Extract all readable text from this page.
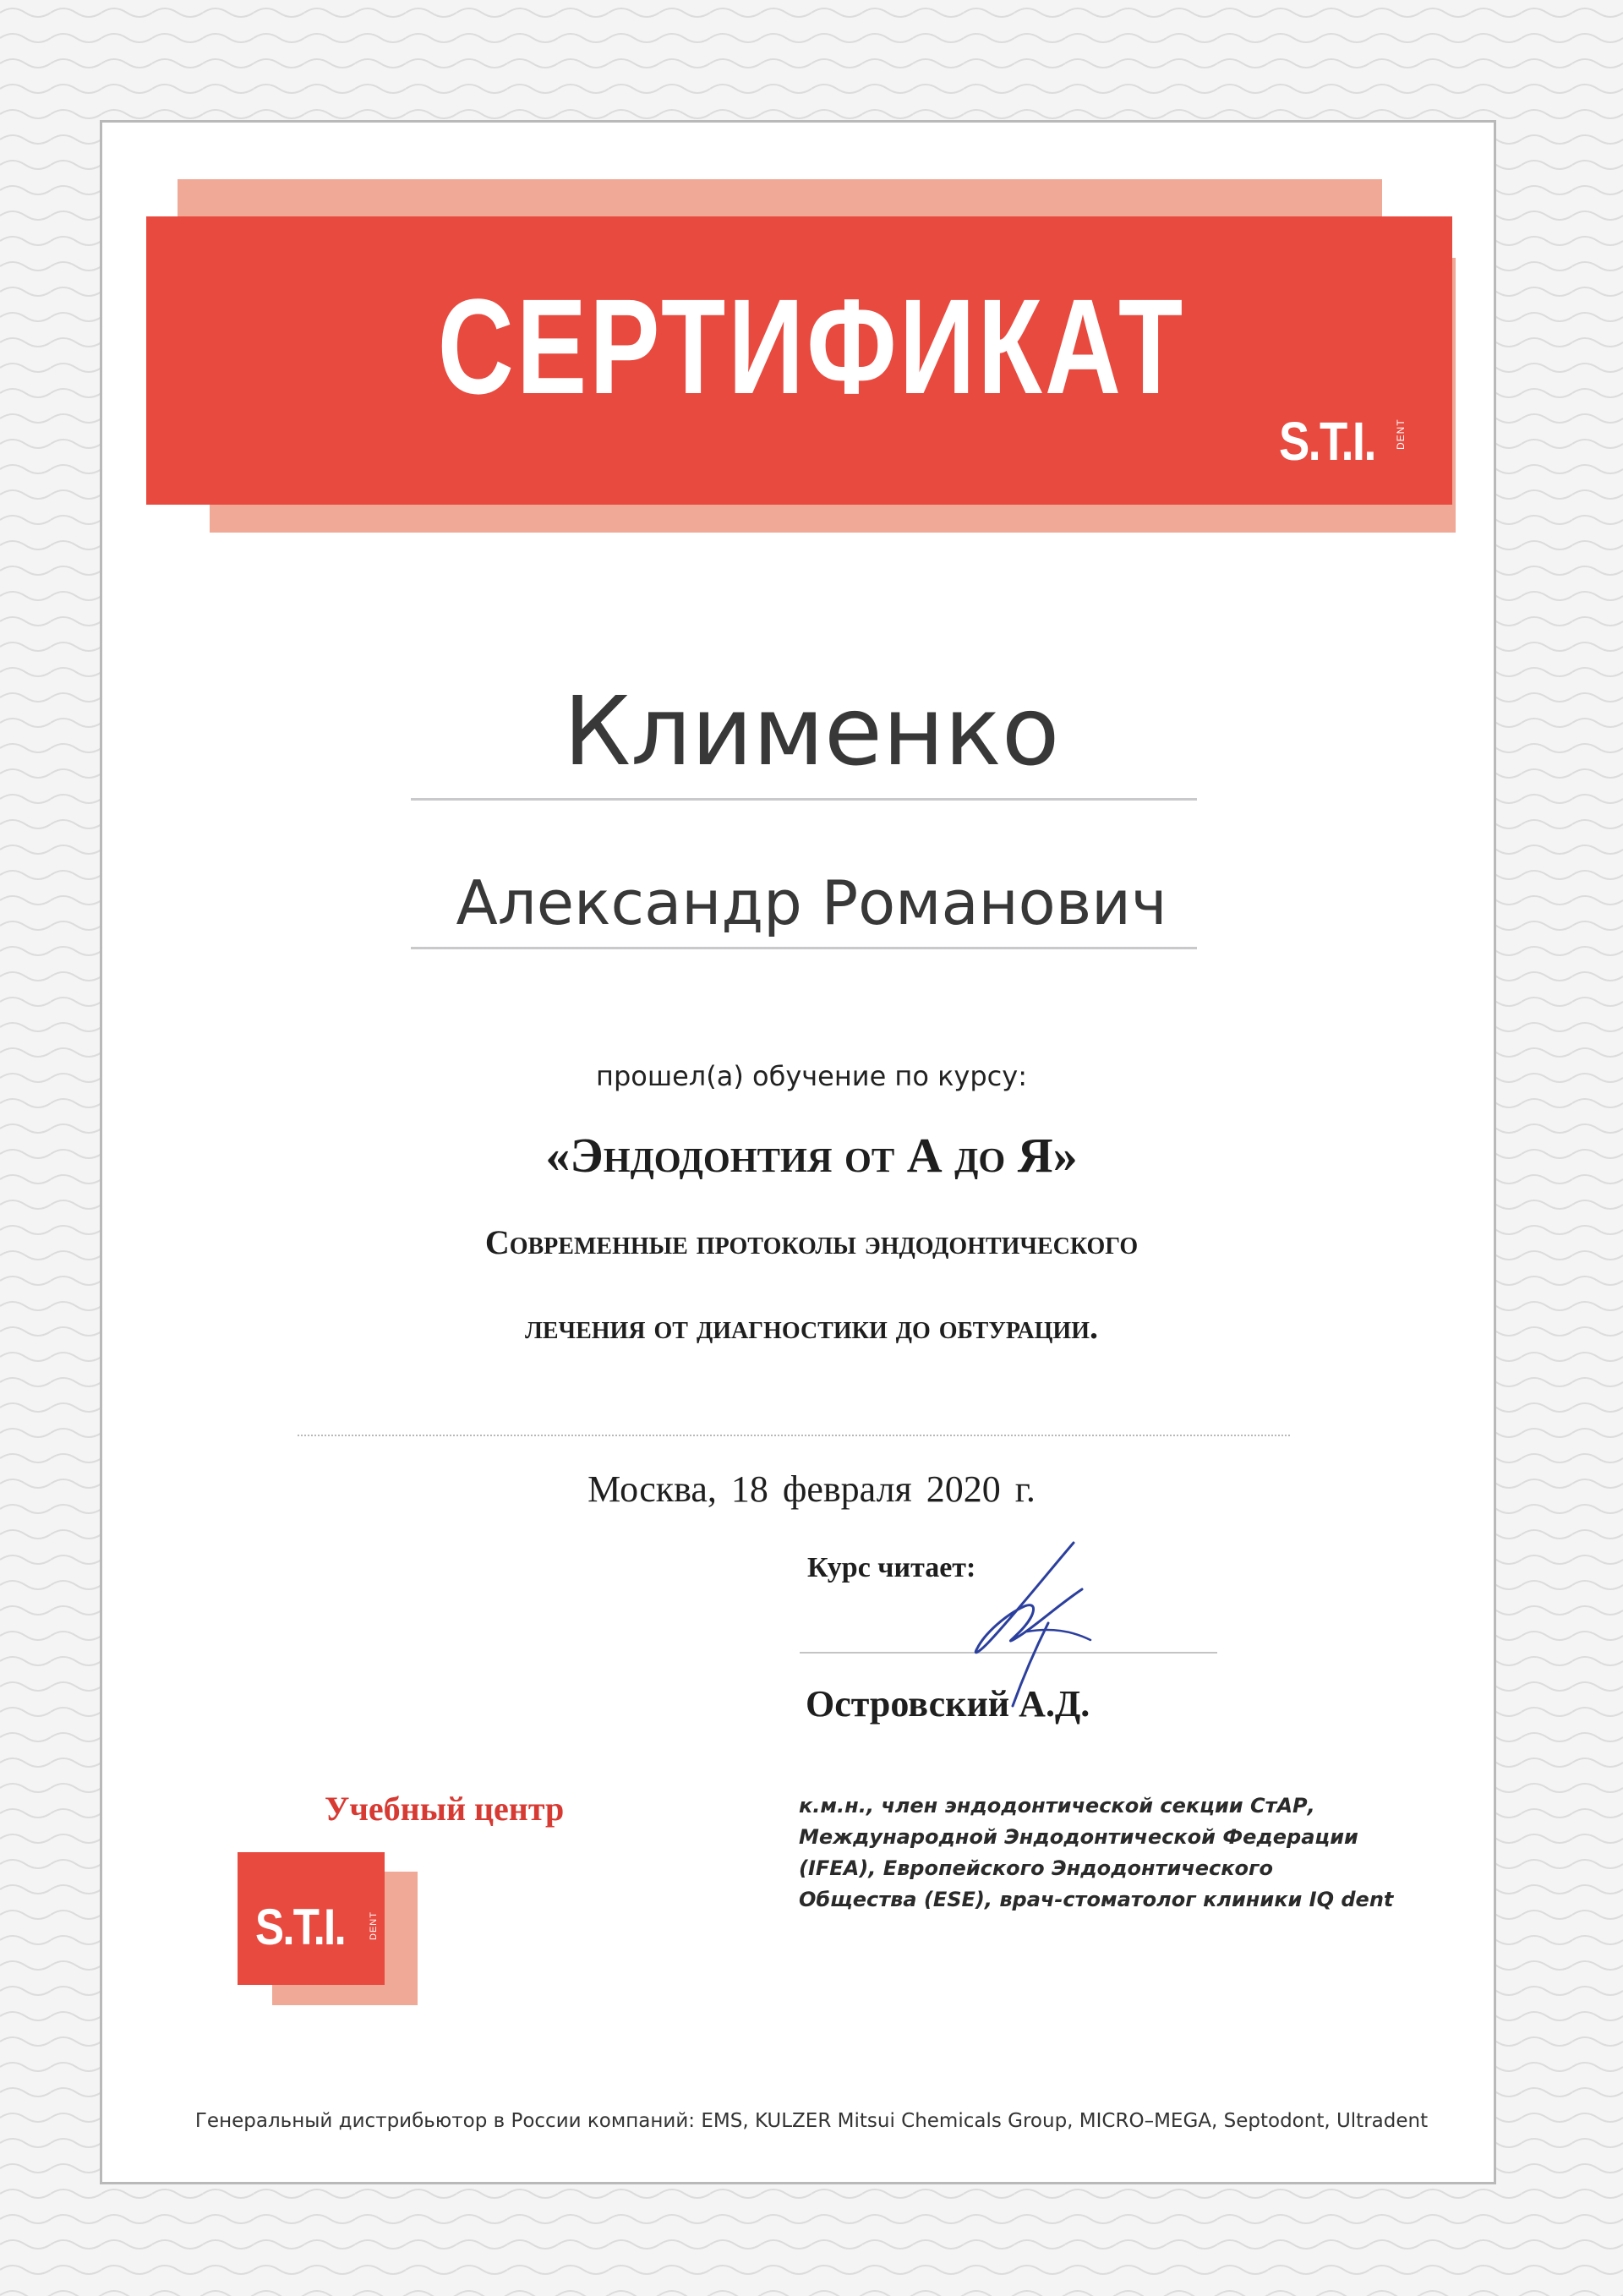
СЕРТИФИКАТ
S.T.I. DENT
Клименко
Александр Романович
прошел(а) обучение по курсу:
«Эндодонтия от А до Я»
Современные протоколы эндодонтического
лечения от диагностики до обтурации.
Москва, 18 февраля 2020 г.
Курс читает:
Островский А.Д.
Учебный центр	к.м.н., член эндодонтической секции СтАР,
Международной Эндодонтической Федерации
(IFEA), Европейского Эндодонтического
Общества (ESE), врач-стоматолог клиники IQ dent
S.T.I.	DENT
Генеральный дистрибьютор в России компаний: EMS, KULZER Mitsui Chemicals Group, MICRO–MEGA, Septodont, Ultradent
